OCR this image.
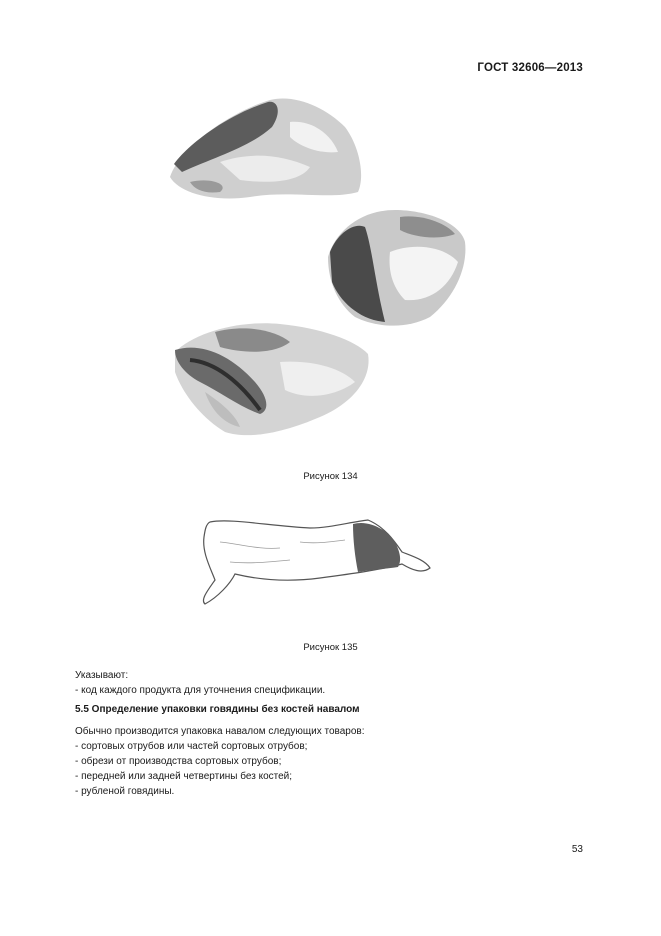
ГОСТ 32606—2013
Рисунок 134
Рисунок 135
Указывают:
- код каждого продукта для уточнения спецификации.
5.5 Определение упаковки говядины без костей навалом
Обычно производится упаковка навалом следующих товаров:
- сортовых отрубов или частей сортовых отрубов;
- обрези от производства сортовых отрубов;
- передней или задней четвертины без костей;
- рубленой говядины.
53
